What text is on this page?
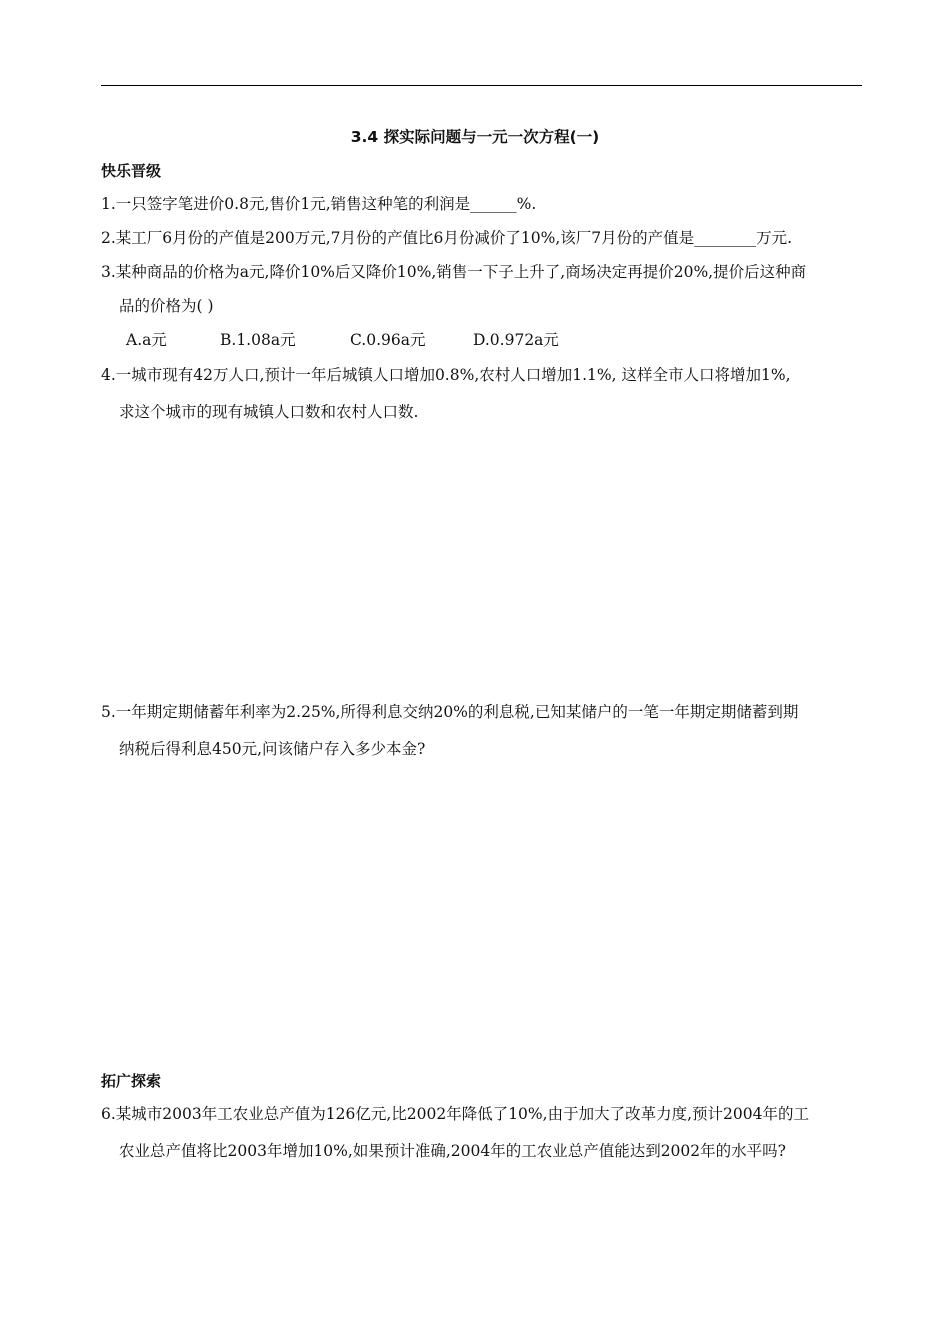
3.4 探实际问题与一元一次方程(一)
快乐晋级
1.一只签字笔进价0.8元,售价1元,销售这种笔的利润是______%.
2.某工厂6月份的产值是200万元,7月份的产值比6月份减价了10%,该厂7月份的产值是________万元.
3.某种商品的价格为a元,降价10%后又降价10%,销售一下子上升了,商场决定再提价20%,提价后这种商
品的价格为( )
A.a元	B.1.08a元	C.0.96a元	D.0.972a元
4.一城市现有42万人口,预计一年后城镇人口增加0.8%,农村人口增加1.1%, 这样全市人口将增加1%,
求这个城市的现有城镇人口数和农村人口数.
5.一年期定期储蓄年利率为2.25%,所得利息交纳20%的利息税,已知某储户的一笔一年期定期储蓄到期
纳税后得利息450元,问该储户存入多少本金?
拓广探索
6.某城市2003年工农业总产值为126亿元,比2002年降低了10%,由于加大了改革力度,预计2004年的工
农业总产值将比2003年增加10%,如果预计准确,2004年的工农业总产值能达到2002年的水平吗?
